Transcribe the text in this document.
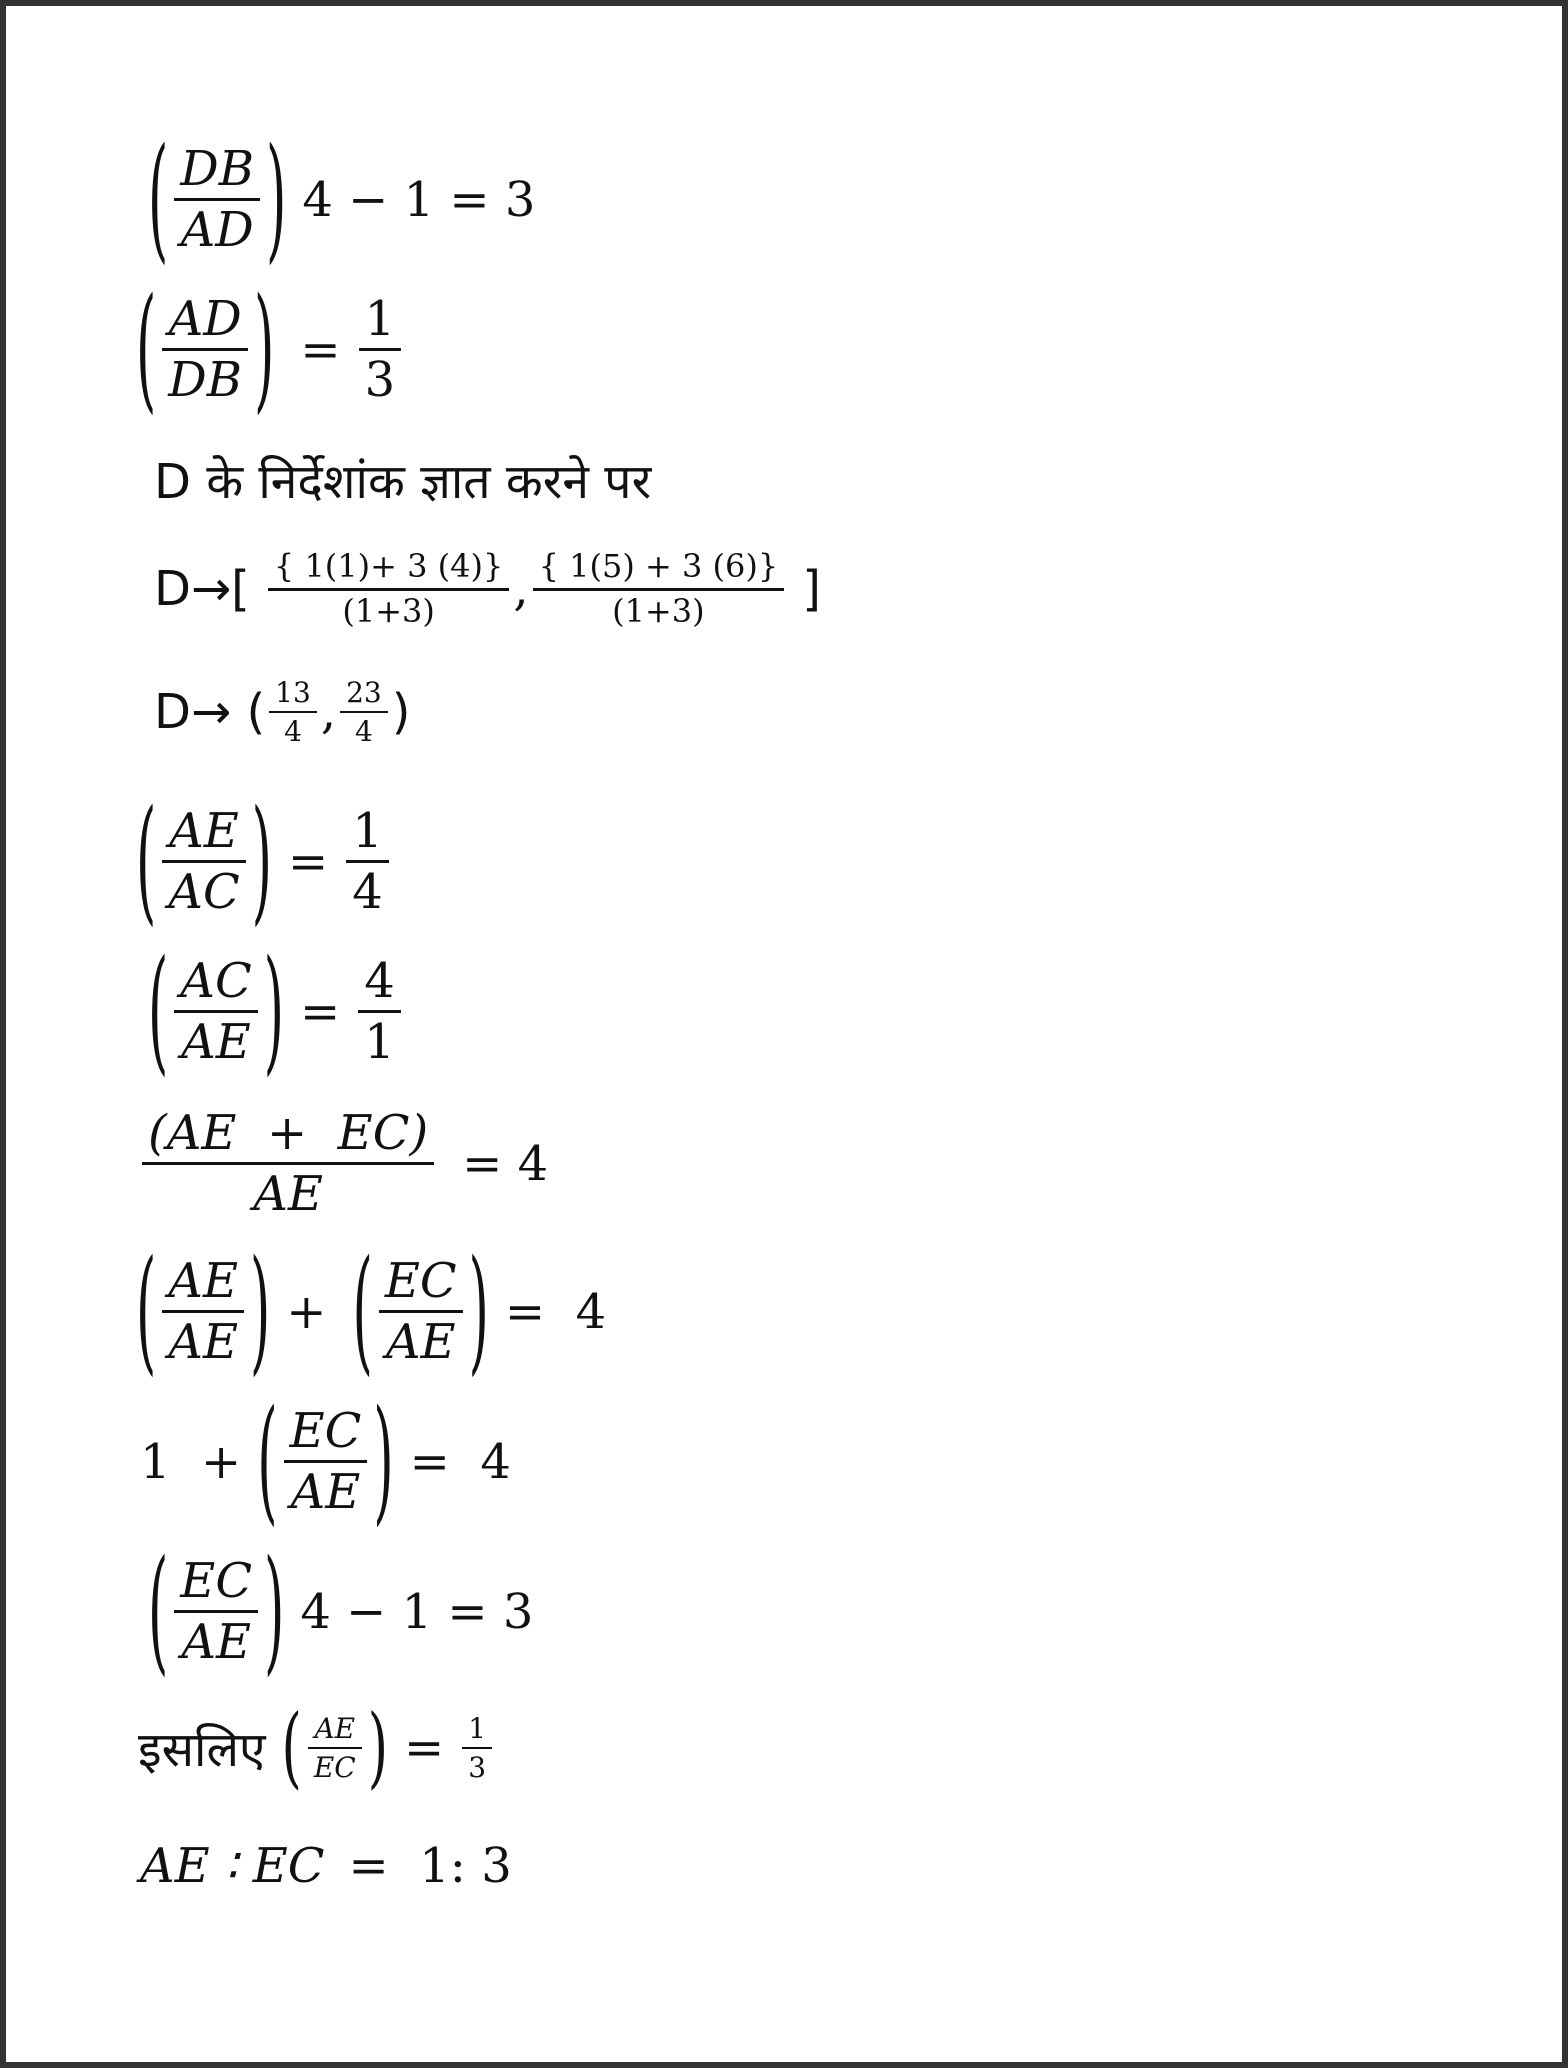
( $\frac{DB}{AD}$ ) 4 − 1 = 3
( $\frac{AD}{DB}$ ) = $\frac{1}{3}$
D के निर्देशांक ज्ञात करने पर
$D\to[ \frac{\{ 1(1)+ 3 (4)\}}{(1+3)}$ , $\frac{\{ 1(5) + 3 (6)\}}{(1+3)}$ ]
D→ ( $\frac{13}{4}$ , $\frac{23}{4}$ )
( $\frac{AE}{AC}$ ) = $\frac{1}{4}$
( $\frac{AC}{AE}$ ) = $\frac{4}{1}$
$\frac{(AE + EC)}{AE} = 4$
( $\frac{AE}{AE}$ ) + ( $\frac{EC}{AE}$ ) =  4
1  + ( $\frac{EC}{AE}$ ) =  4
( $\frac{EC}{AE}$ ) 4 − 1 = 3
इसलिए ( $\frac{AE}{EC}$ ) = $\frac{1}{3}$
AE ∶ EC =  1: 3
